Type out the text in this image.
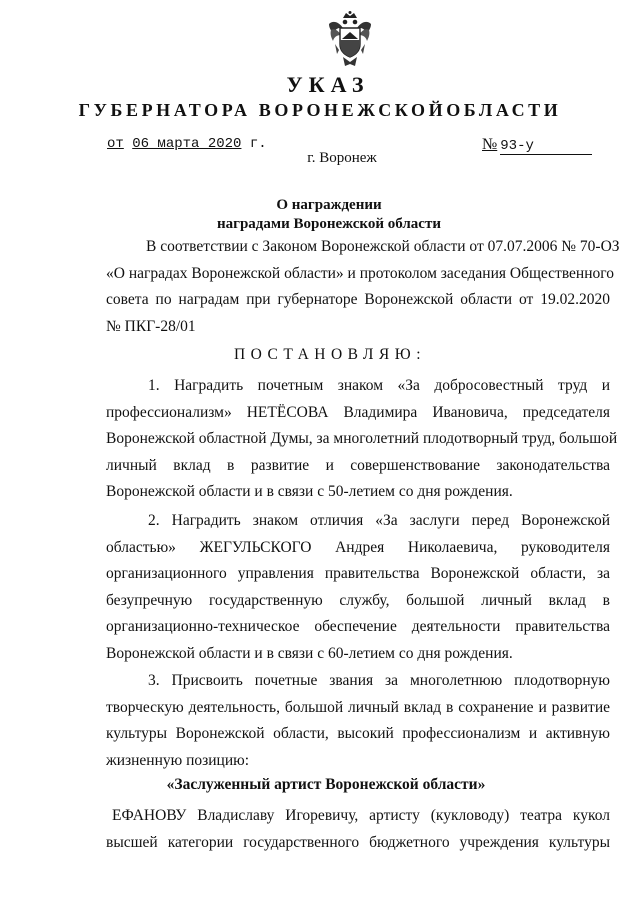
УКАЗ
ГУБЕРНАТОРА ВОРОНЕЖСКОЙОБЛАСТИ
от 06 марта 2020 г.	№ 93-у
г. Воронеж
О награждении
наградами Воронежской области
В соответствии с Законом Воронежской области от 07.07.2006 № 70-ОЗ
«О наградах Воронежской области» и протоколом заседания Общественного
совета по наградам при губернаторе Воронежской области от 19.02.2020
№ ПКГ-28/01
ПОСТАНОВЛЯЮ:
1. Наградить почетным знаком «За добросовестный труд и
профессионализм» НЕТЁСОВА Владимира Ивановича, председателя
Воронежской областной Думы, за многолетний плодотворный труд, большой
личный вклад в развитие и совершенствование законодательства
Воронежской области и в связи с 50-летием со дня рождения.
2. Наградить знаком отличия «За заслуги перед Воронежской
областью» ЖЕГУЛЬСКОГО Андрея Николаевича, руководителя
организационного управления правительства Воронежской области, за
безупречную государственную службу, большой личный вклад в
организационно-техническое обеспечение деятельности правительства
Воронежской области и в связи с 60-летием со дня рождения.
3. Присвоить почетные звания за многолетнюю плодотворную
творческую деятельность, большой личный вклад в сохранение и развитие
культуры Воронежской области, высокий профессионализм и активную
жизненную позицию:
«Заслуженный артист Воронежской области»
ЕФАНОВУ Владиславу Игоревичу, артисту (кукловоду) театра кукол
высшей категории государственного бюджетного учреждения культуры
